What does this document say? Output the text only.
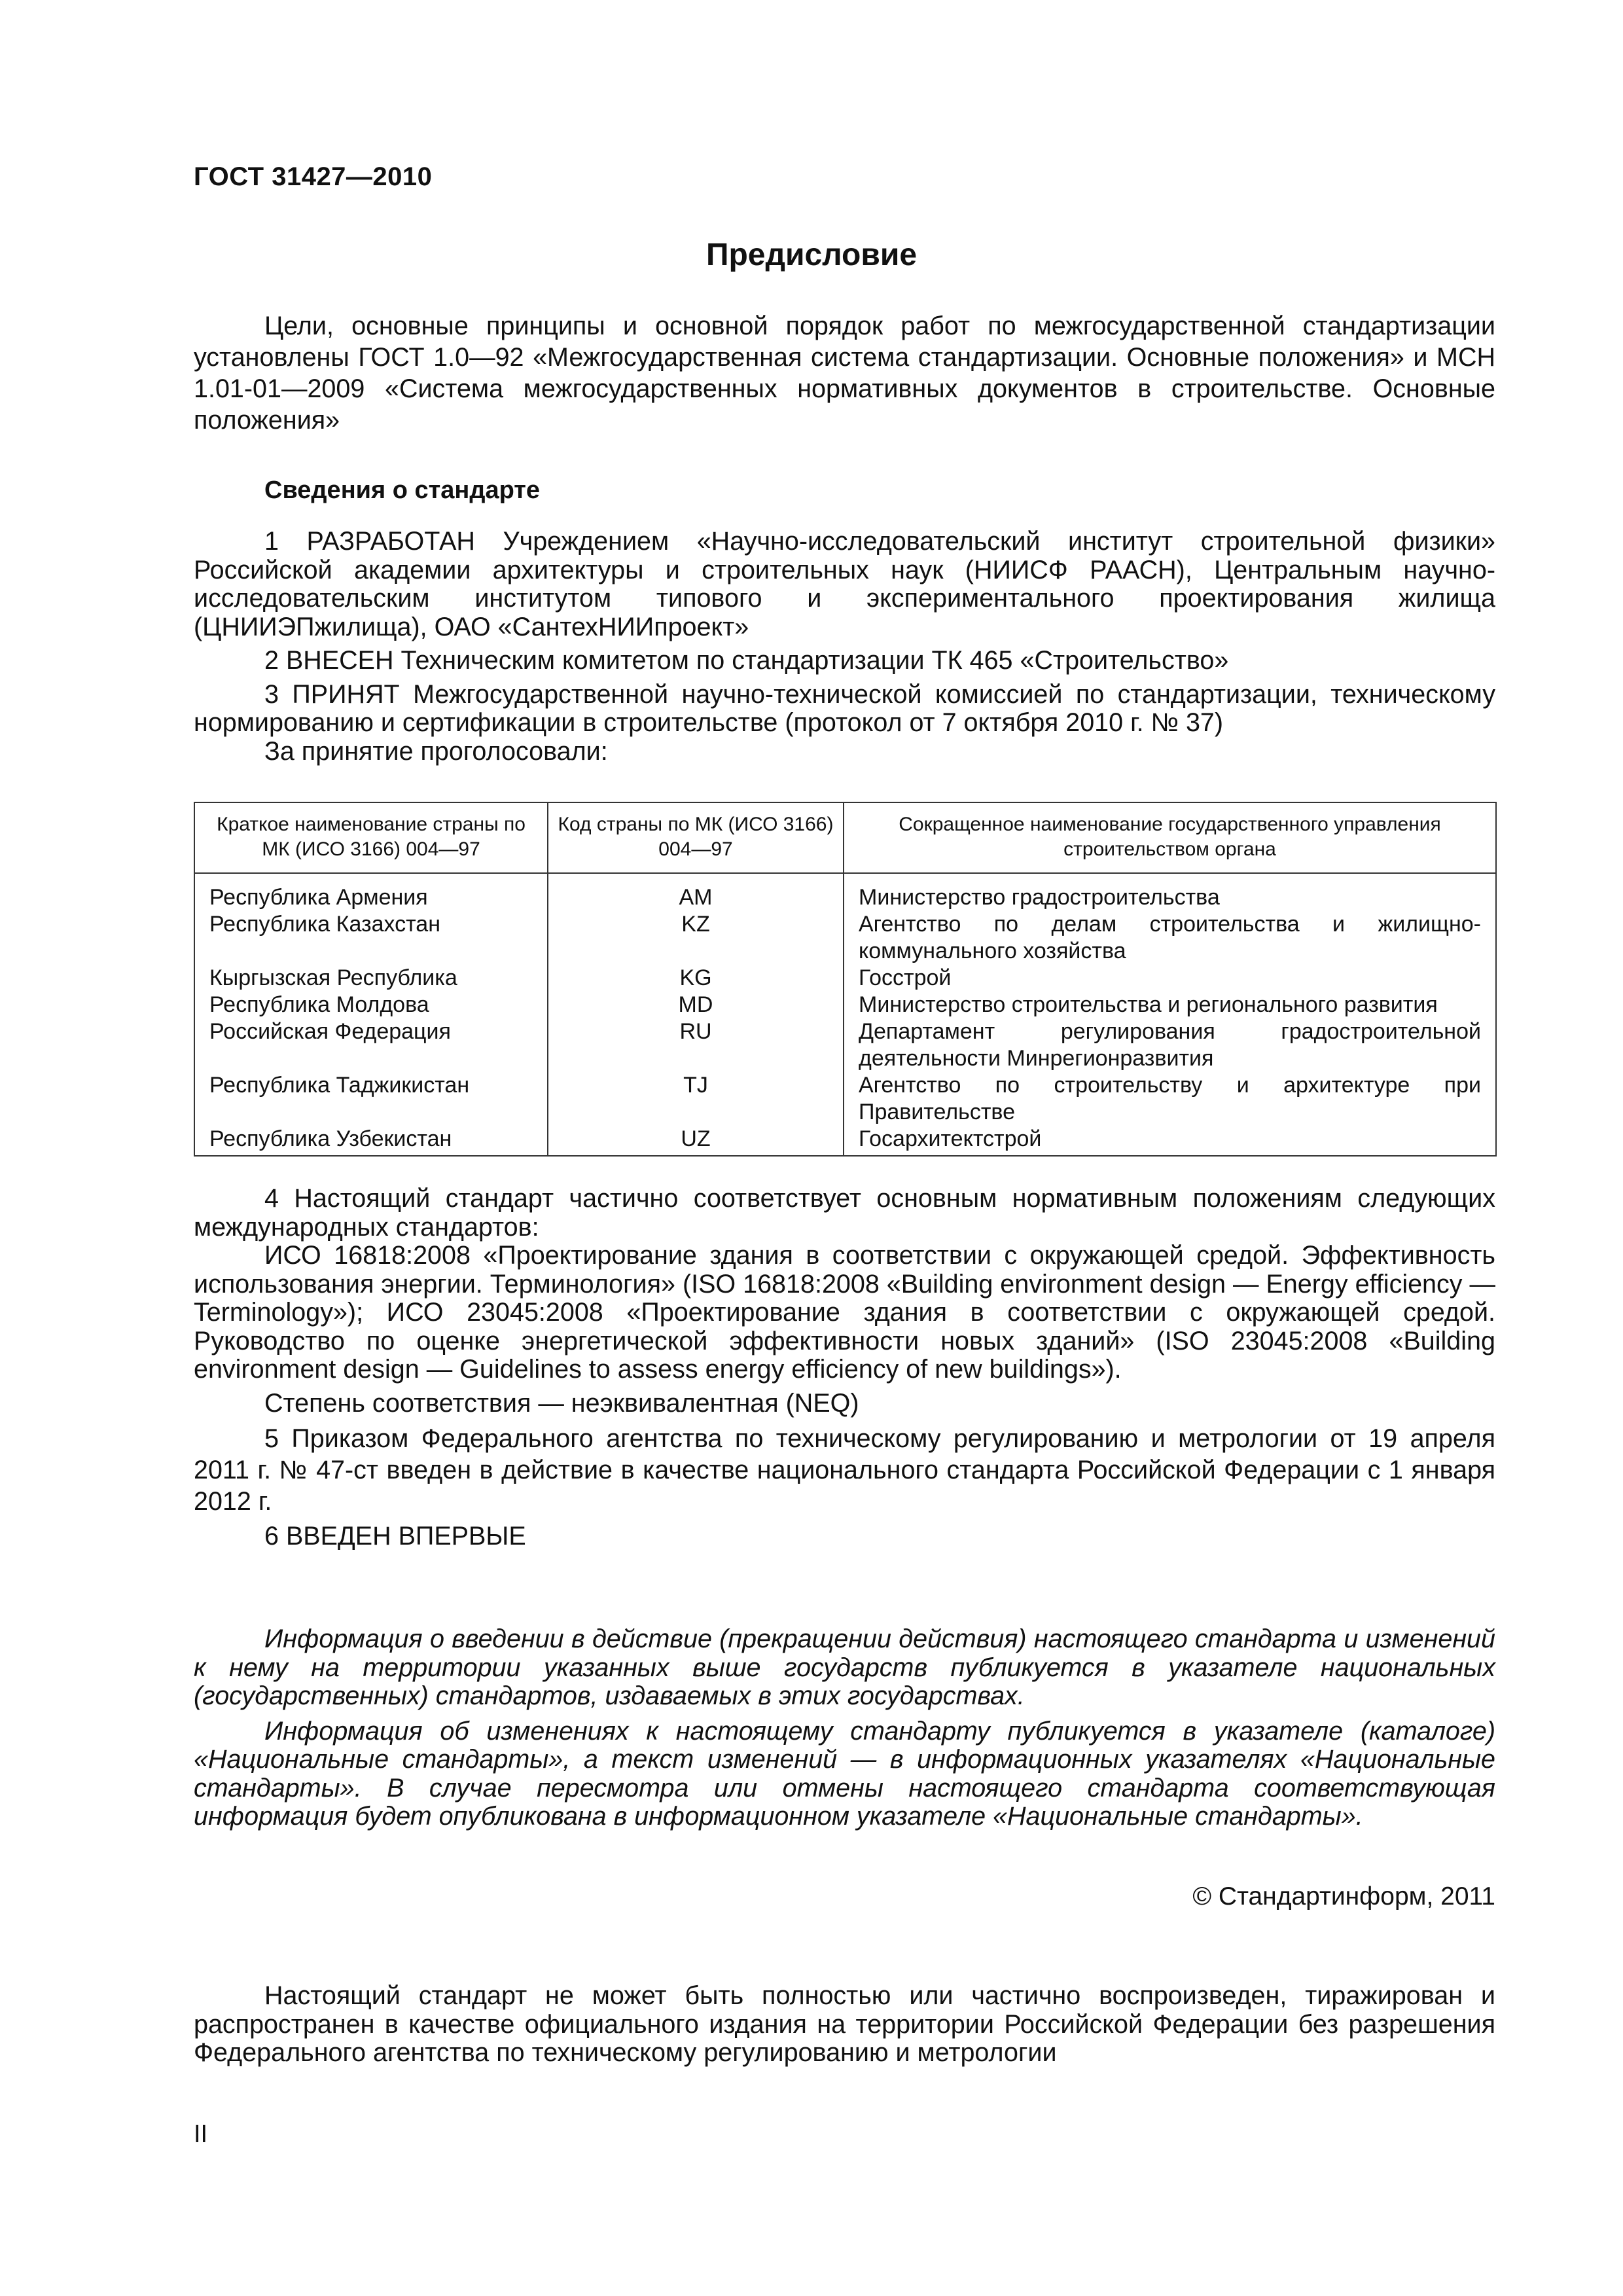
ГОСТ 31427—2010
Предисловие

Цели, основные принципы и основной порядок работ по межгосударственной стандартизации установлены ГОСТ 1.0—92 «Межгосударственная система стандартизации. Основные положения» и МСН 1.01-01—2009 «Система межгосударственных нормативных документов в строительстве. Основные положения»

Сведения о стандарте

1 РАЗРАБОТАН Учреждением «Научно-исследовательский институт строительной физики» Российской академии архитектуры и строительных наук (НИИСФ РААСН), Центральным научно-исследовательским институтом типового и экспериментального проектирования жилища (ЦНИИЭПжилища), ОАО «СантехНИИпроект»

2 ВНЕСЕН Техническим комитетом по стандартизации ТК 465 «Строительство»

3 ПРИНЯТ Межгосударственной научно-технической комиссией по стандартизации, техническому нормированию и сертификации в строительстве (протокол от 7 октября 2010 г. № 37)

За принятие проголосовали:

Краткое наименование страны по МК (ИСО 3166) 004—97	Код страны по МК (ИСО 3166) 004—97	Сокращенное наименование государственного управления строительством органа
Республика Армения	AM	Министерство градостроительства
Республика Казахстан	KZ	Агентство по делам строительства и жилищно-коммунального хозяйства
Кыргызская Республика	KG	Госстрой
Республика Молдова	MD	Министерство строительства и регионального развития
Российская Федерация	RU	Департамент регулирования градостроительной деятельности Минрегионразвития
Республика Таджикистан	TJ	Агентство по строительству и архитектуре при Правительстве
Республика Узбекистан	UZ	Госархитектстрой

4 Настоящий стандарт частично соответствует основным нормативным положениям следующих международных стандартов:

ИСО 16818:2008 «Проектирование здания в соответствии с окружающей средой. Эффективность использования энергии. Терминология» (ISO 16818:2008 «Building environment design — Energy efficiency —Terminology»); ИСО 23045:2008 «Проектирование здания в соответствии с окружающей средой. Руководство по оценке энергетической эффективности новых зданий» (ISO 23045:2008 «Building environment design — Guidelines to assess energy efficiency of new buildings»).

Степень соответствия — неэквивалентная (NEQ)

5 Приказом Федерального агентства по техническому регулированию и метрологии от 19 апреля 2011 г. № 47-ст введен в действие в качестве национального стандарта Российской Федерации с 1 января 2012 г.

6 ВВЕДЕН ВПЕРВЫЕ

Информация о введении в действие (прекращении действия) настоящего стандарта и изменений к нему на территории указанных выше государств публикуется в указателе национальных (государственных) стандартов, издаваемых в этих государствах.

Информация об изменениях к настоящему стандарту публикуется в указателе (каталоге) «Национальные стандарты», а текст изменений — в информационных указателях «Национальные стандарты». В случае пересмотра или отмены настоящего стандарта соответствующая информация будет опубликована в информационном указателе «Национальные стандарты».

© Стандартинформ, 2011

Настоящий стандарт не может быть полностью или частично воспроизведен, тиражирован и распространен в качестве официального издания на территории Российской Федерации без разрешения Федерального агентства по техническому регулированию и метрологии

II
